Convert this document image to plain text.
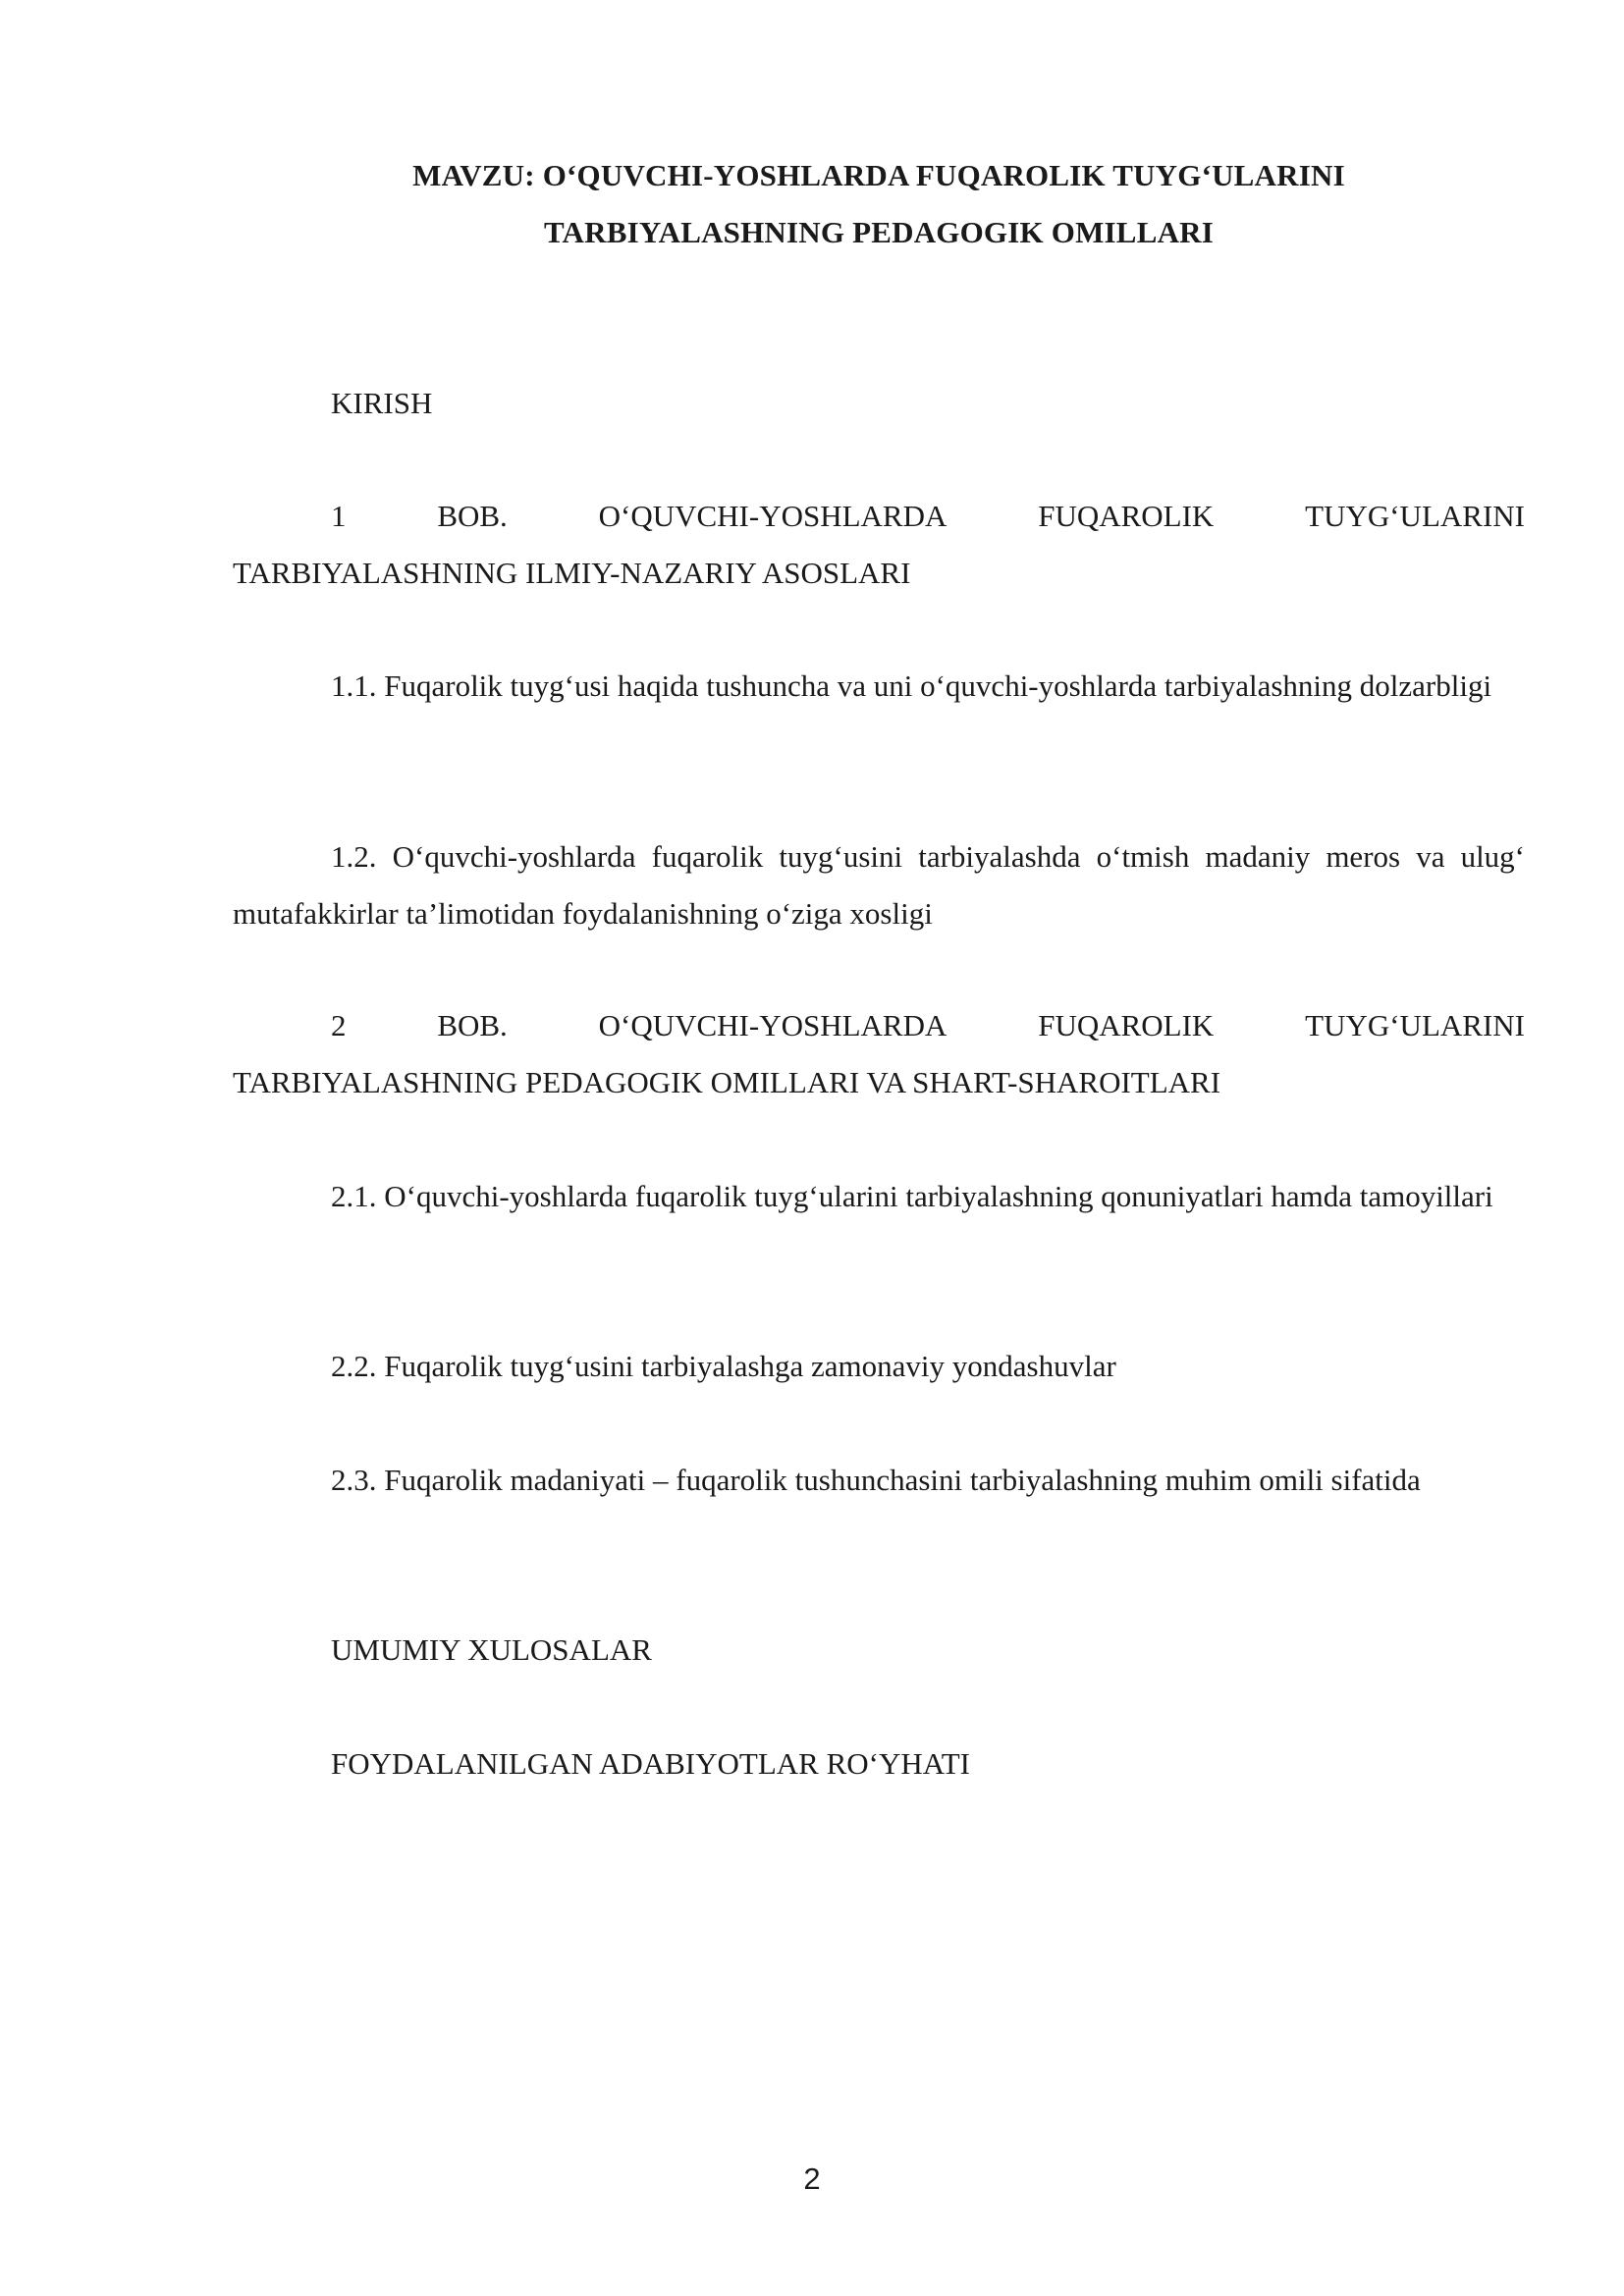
MAVZU: O‘QUVCHI-YOSHLARDA FUQAROLIK TUYG‘ULARINI
TARBIYALASHNING PEDAGOGIK OMILLARI
KIRISH
1	BOB.	O‘QUVCHI-YOSHLARDA	FUQAROLIK	TUYG‘ULARINI
TARBIYALASHNING ILMIY-NAZARIY ASOSLARI
1.1. Fuqarolik tuyg‘usi haqida tushuncha va uni o‘quvchi-yoshlarda tarbiyalashning dolzarbligi
1.2. O‘quvchi-yoshlarda fuqarolik tuyg‘usini tarbiyalashda o‘tmish madaniy meros va ulug‘ mutafakkirlar ta’limotidan foydalanishning o‘ziga xosligi
2	BOB.	O‘QUVCHI-YOSHLARDA	FUQAROLIK	TUYG‘ULARINI
TARBIYALASHNING PEDAGOGIK OMILLARI VA SHART-SHAROITLARI
2.1. O‘quvchi-yoshlarda fuqarolik tuyg‘ularini tarbiyalashning qonuniyatlari hamda tamoyillari
2.2. Fuqarolik tuyg‘usini tarbiyalashga zamonaviy yondashuvlar
2.3. Fuqarolik madaniyati – fuqarolik tushunchasini tarbiyalashning muhim omili sifatida
UMUMIY XULOSALAR
FOYDALANILGAN ADABIYOTLAR RO‘YHATI
2
